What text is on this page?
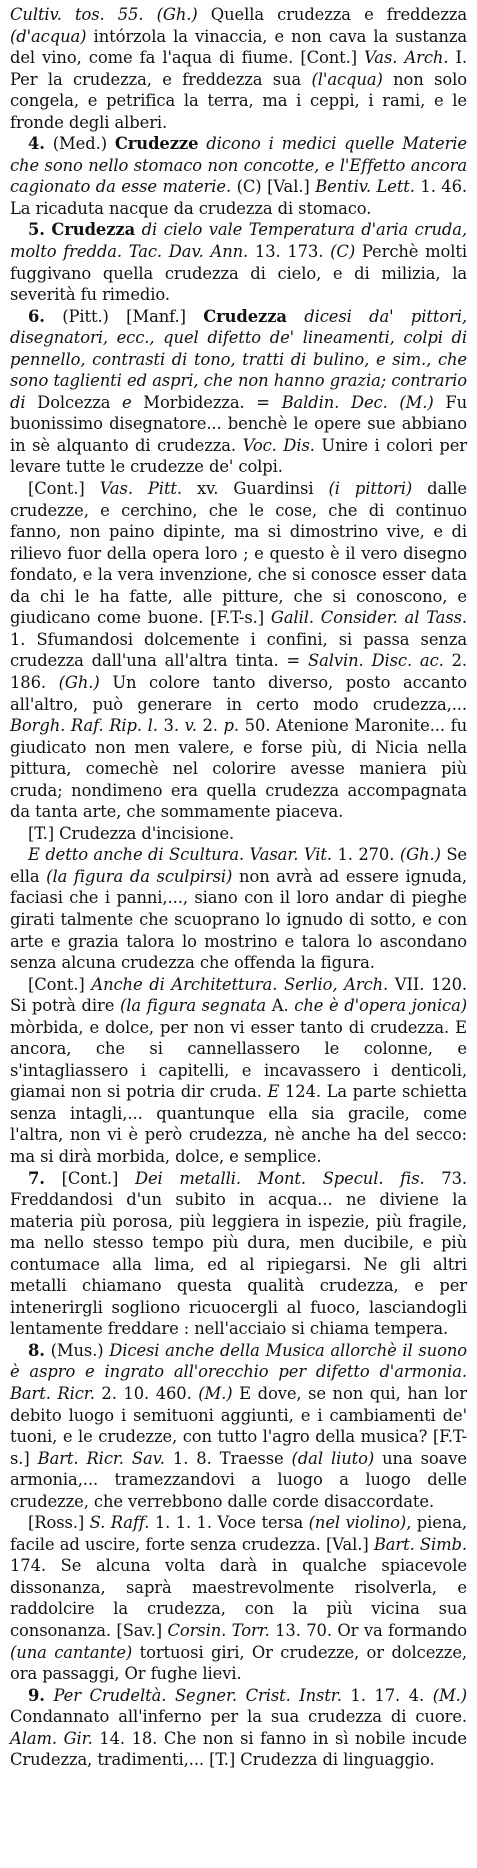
Cultiv. tos. 55. (Gh.) Quella crudezza e freddezza (d'acqua) intórzola la vinaccia, e non cava la sustanza del vino, come fa l'aqua di fiume. [Cont.] Vas. Arch. I. Per la crudezza, e freddezza sua (l'acqua) non solo congela, e petrifica la terra, ma i ceppi, i rami, e le fronde degli alberi.

4. (Med.) Crudezze dicono i medici quelle Materie che sono nello stomaco non concotte, e l'Effetto ancora cagionato da esse materie. (C) [Val.] Bentiv. Lett. 1. 46. La ricaduta nacque da crudezza di stomaco.

5. Crudezza di cielo vale Temperatura d'aria cruda, molto fredda. Tac. Dav. Ann. 13. 173. (C) Perchè molti fuggivano quella crudezza di cielo, e di milizia, la severità fu rimedio.

6. (Pitt.) [Manf.] Crudezza dicesi da' pittori, disegnatori, ecc., quel difetto de' lineamenti, colpi di pennello, contrasti di tono, tratti di bulino, e sim., che sono taglienti ed aspri, che non hanno grazia; contrario di Dolcezza e Morbidezza. = Baldin. Dec. (M.) Fu buonissimo disegnatore... benchè le opere sue abbiano in sè alquanto di crudezza. Voc. Dis. Unire i colori per levare tutte le crudezze de' colpi.

[Cont.] Vas. Pitt. xv. Guardinsi (i pittori) dalle crudezze, e cerchino, che le cose, che di continuo fanno, non paino dipinte, ma si dimostrino vive, e di rilievo fuor della opera loro ; e questo è il vero disegno fondato, e la vera invenzione, che si conosce esser data da chi le ha fatte, alle pitture, che si conoscono, e giudicano come buone. [F.T-s.] Galil. Consider. al Tass. 1. Sfumandosi dolcemente i confini, si passa senza crudezza dall'una all'altra tinta. = Salvin. Disc. ac. 2. 186. (Gh.) Un colore tanto diverso, posto accanto all'altro, può generare in certo modo crudezza,... Borgh. Raf. Rip. l. 3. v. 2. p. 50. Atenione Maronite... fu giudicato non men valere, e forse più, di Nicia nella pittura, comechè nel colorire avesse maniera più cruda; nondimeno era quella crudezza accompagnata da tanta arte, che sommamente piaceva.

[T.] Crudezza d'incisione.

E detto anche di Scultura. Vasar. Vit. 1. 270. (Gh.) Se ella (la figura da sculpirsi) non avrà ad essere ignuda, faciasi che i panni,..., siano con il loro andar di pieghe girati talmente che scuoprano lo ignudo di sotto, e con arte e grazia talora lo mostrino e talora lo ascondano senza alcuna crudezza che offenda la figura.

[Cont.] Anche di Architettura. Serlio, Arch. VII. 120. Si potrà dire (la figura segnata A. che è d'opera jonica) mòrbida, e dolce, per non vi esser tanto di crudezza. E ancora, che si cannellassero le colonne, e s'intagliassero i capitelli, e incavassero i denticoli, giamai non si potria dir cruda. E 124. La parte schietta senza intagli,... quantunque ella sia gracile, come l'altra, non vi è però crudezza, nè anche ha del secco: ma si dirà morbida, dolce, e semplice.

7. [Cont.] Dei metalli. Mont. Specul. fis. 73. Freddandosi d'un subito in acqua... ne diviene la materia più porosa, più leggiera in ispezie, più fragile, ma nello stesso tempo più dura, men ducibile, e più contumace alla lima, ed al ripiegarsi. Ne gli altri metalli chiamano questa qualità crudezza, e per intenerirgli sogliono ricuocergli al fuoco, lasciandogli lentamente freddare : nell'acciaio si chiama tempera.

8. (Mus.) Dicesi anche della Musica allorchè il suono è aspro e ingrato all'orecchio per difetto d'armonia. Bart. Ricr. 2. 10. 460. (M.) E dove, se non qui, han lor debito luogo i semituoni aggiunti, e i cambiamenti de' tuoni, e le crudezze, con tutto l'agro della musica? [F.T-s.] Bart. Ricr. Sav. 1. 8. Traesse (dal liuto) una soave armonia,... tramezzandovi a luogo a luogo delle crudezze, che verrebbono dalle corde disaccordate.

[Ross.] S. Raff. 1. 1. 1. Voce tersa (nel violino), piena, facile ad uscire, forte senza crudezza. [Val.] Bart. Simb. 174. Se alcuna volta darà in qualche spiacevole dissonanza, saprà maestrevolmente risolverla, e raddolcire la crudezza, con la più vicina sua consonanza. [Sav.] Corsin. Torr. 13. 70. Or va formando (una cantante) tortuosi giri, Or crudezze, or dolcezze, ora passaggi, Or fughe lievi.

9. Per Crudeltà. Segner. Crist. Instr. 1. 17. 4. (M.) Condannato all'inferno per la sua crudezza di cuore. Alam. Gir. 14. 18. Che non si fanno in sì nobile incude Crudezza, tradimenti,... [T.] Crudezza di linguaggio.
